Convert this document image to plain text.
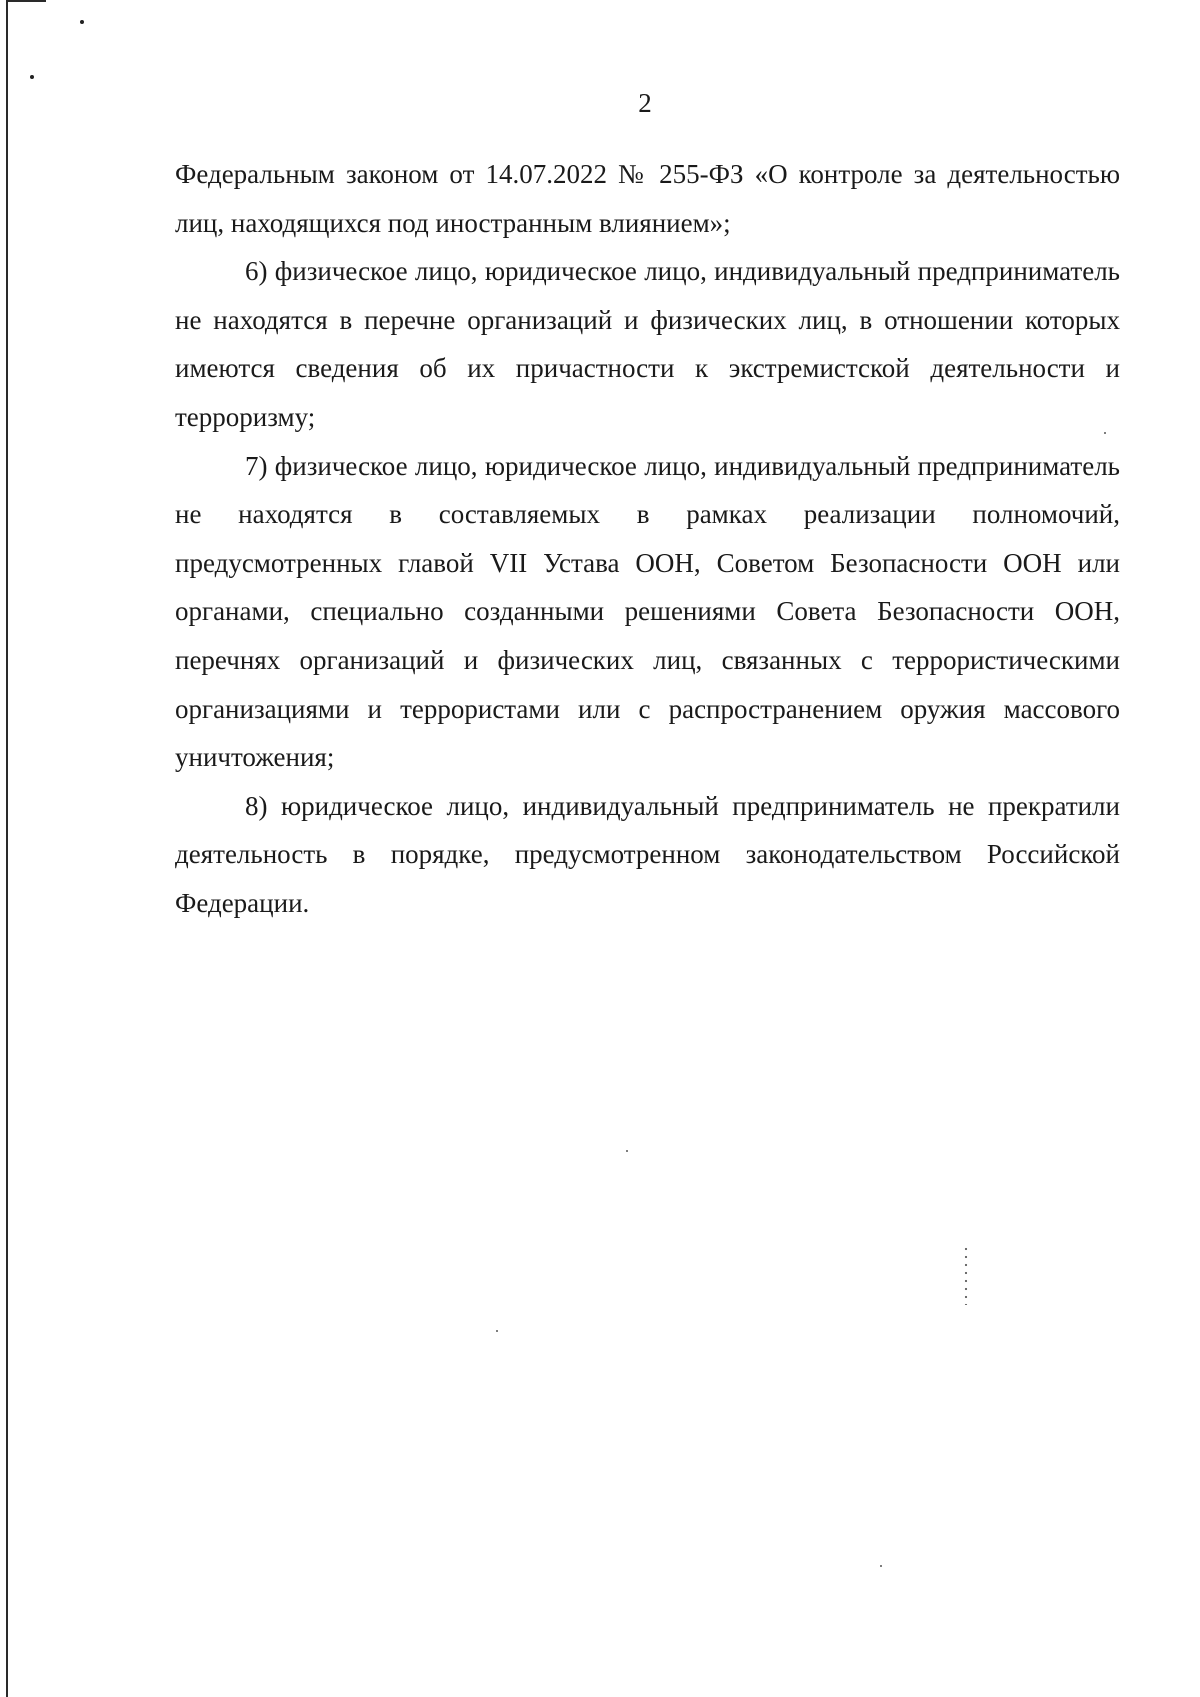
2

Федеральным законом от 14.07.2022 № 255-ФЗ «О контроле за деятельностью лиц, находящихся под иностранным влиянием»;

6) физическое лицо, юридическое лицо, индивидуальный предприниматель не находятся в перечне организаций и физических лиц, в отношении которых имеются сведения об их причастности к экстремистской деятельности и терроризму;

7) физическое лицо, юридическое лицо, индивидуальный предприниматель не находятся в составляемых в рамках реализации полномочий, предусмотренных главой VII Устава ООН, Советом Безопасности ООН или органами, специально созданными решениями Совета Безопасности ООН, перечнях организаций и физических лиц, связанных с террористическими организациями и террористами или с распространением оружия массового уничтожения;

8) юридическое лицо, индивидуальный предприниматель не прекратили деятельность в порядке, предусмотренном законодательством Российской Федерации.
